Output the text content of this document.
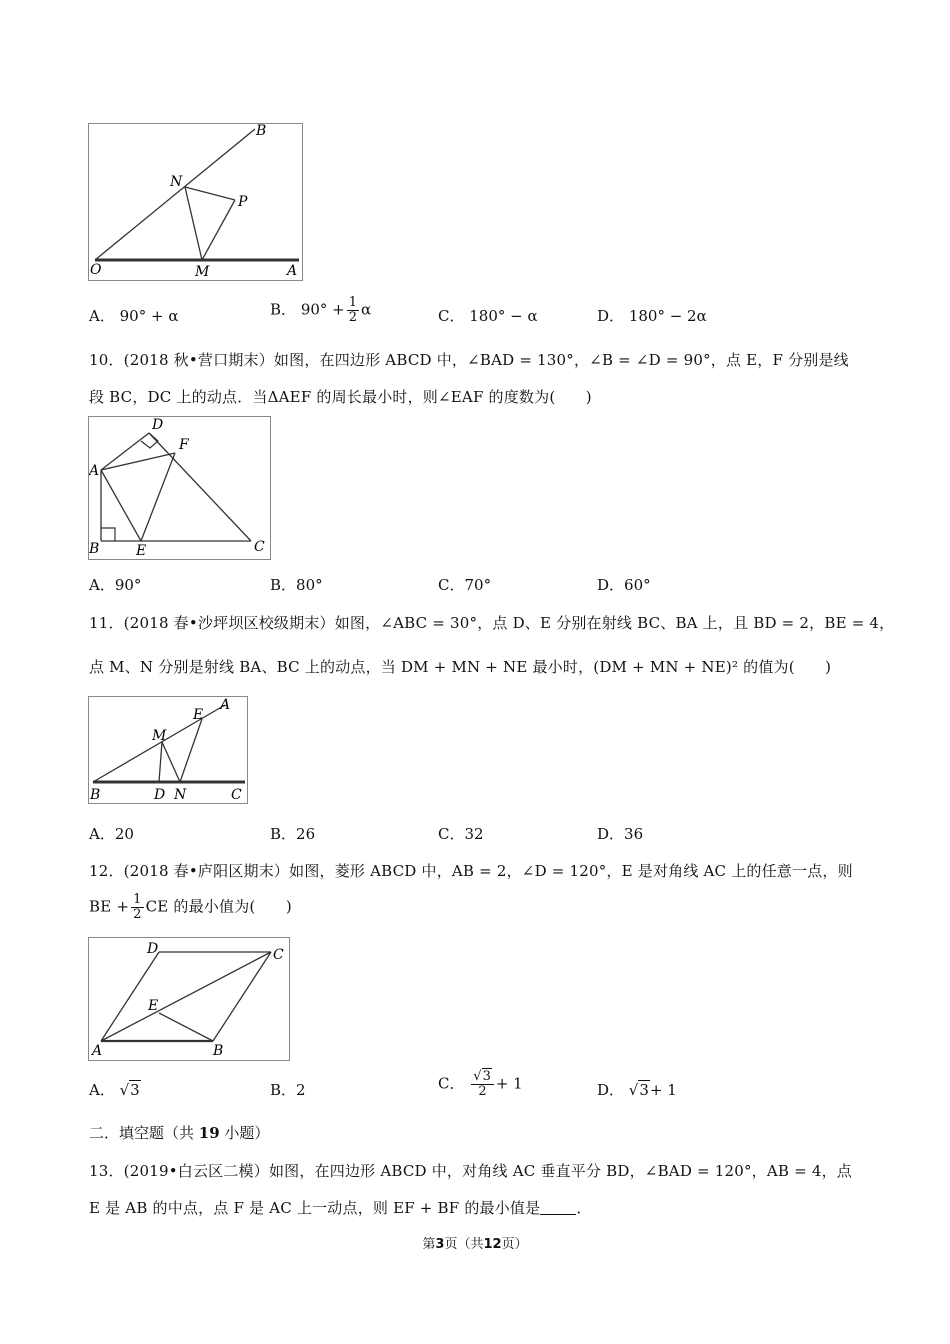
B
N
P
O	M	A
A． 90° + α	B． $90^\circ + \frac{1}{2}$ α	C． 180° − α	D． 180° − 2α
10．(2018 秋•营口期末）如图，在四边形 ABCD 中，∠BAD = 130°，∠B = ∠D = 90°，点 E，F 分别是线
段 BC，DC 上的动点．当ΔAEF 的周长最小时，则∠EAF 的度数为(　　)
D
F
A
B	E	C
A．90°	B．80°	C．70°	D．60°
11．(2018 春•沙坪坝区校级期末）如图，∠ABC = 30°，点 D、E 分别在射线 BC、BA 上，且 BD = 2，BE = 4，
点 M、N 分别是射线 BA、BC 上的动点，当 DM + MN + NE 最小时，(DM + MN + NE)² 的值为(　　)
A
E
M
B	D N	C
A．20	B．26	C．32	D．36
12．(2018 春•庐阳区期末）如图，菱形 ABCD 中，AB = 2，∠D = 120°，E 是对角线 AC 上的任意一点，则
BE + $\frac{1}{2}$ CE 的最小值为(　　)
D	C
E
A	B
A． √3	B．2	C． $\frac{√3}{2} + 1$	D． √3+ 1
二．填空题（共 19 小题）
13．(2019•白云区二模）如图，在四边形 ABCD 中，对角线 AC 垂直平分 BD，∠BAD = 120°，AB = 4，点
E 是 AB 的中点，点 F 是 AC 上一动点，则 EF + BF 的最小值是 ．
第3页（共12页）
